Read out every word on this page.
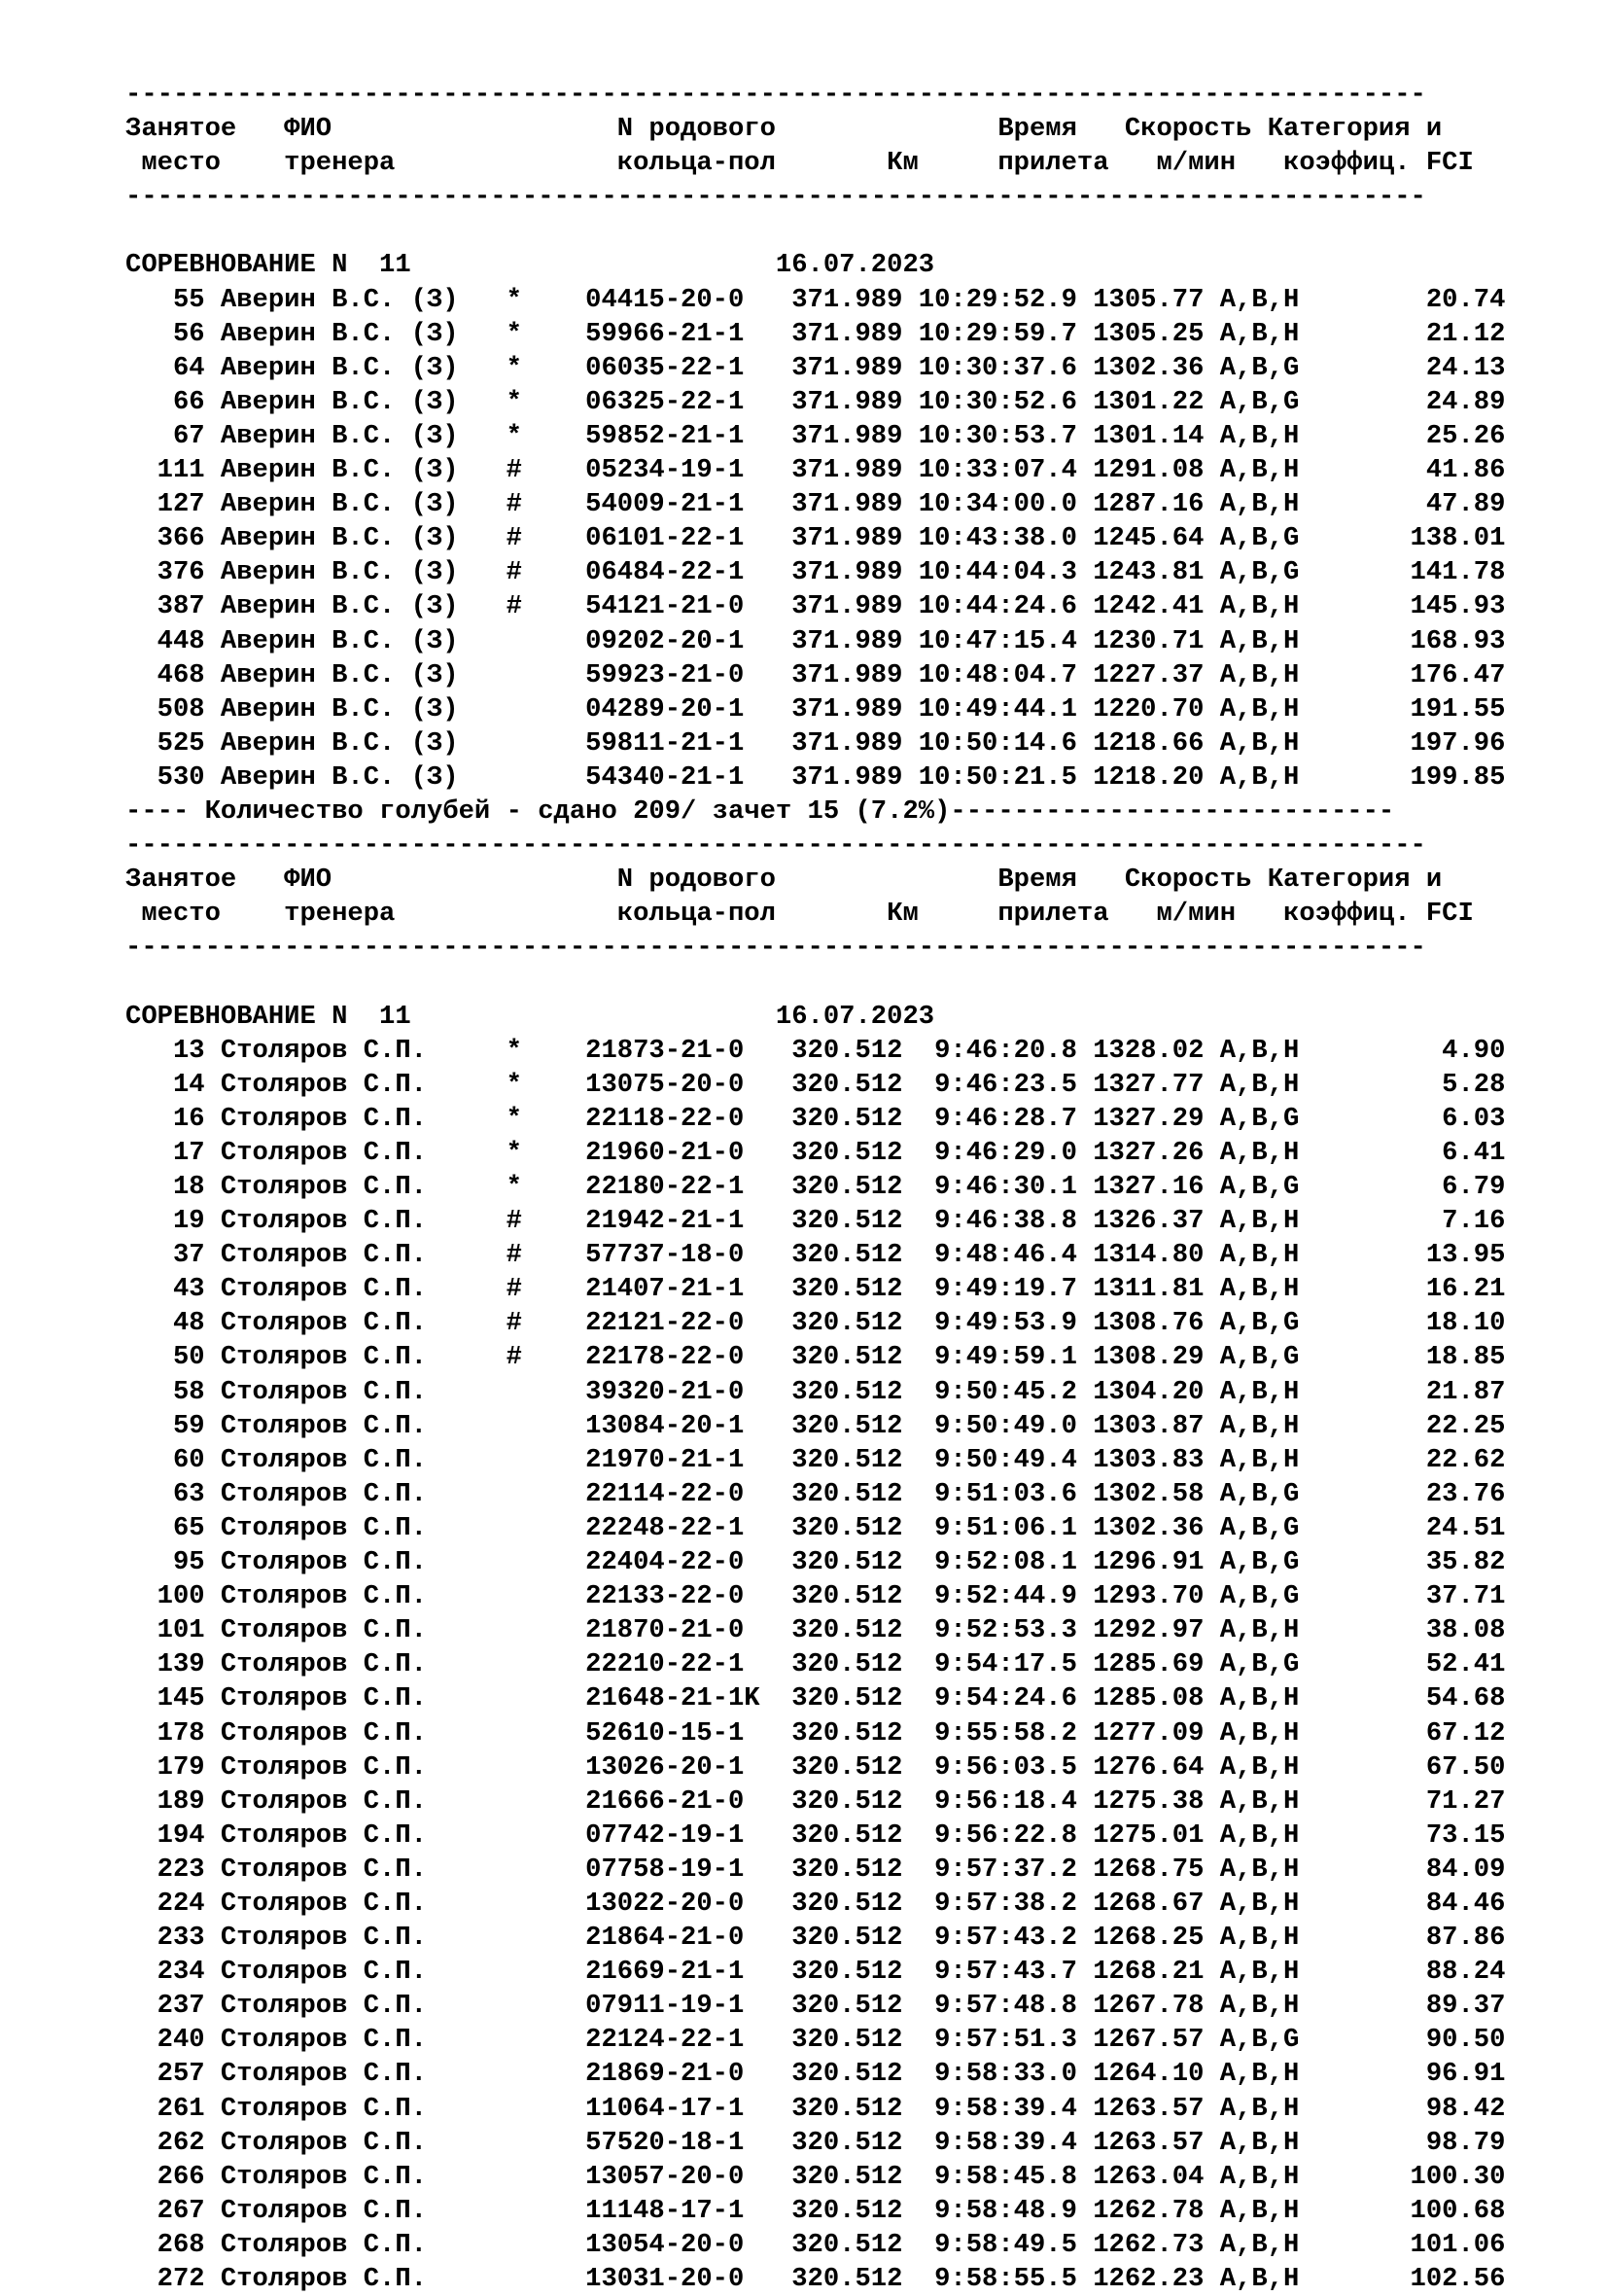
----------------------------------------------------------------------------------
Занятое   ФИО                  N родового              Время   Скорость Категория и
место    тренера              кольца-пол       Км     прилета   м/мин   коэффиц. FCI
----------------------------------------------------------------------------------
СОРЕВНОВАНИЕ N  11                       16.07.2023
55 Аверин В.С. (З)   *    04415-20-0   371.989 10:29:52.9 1305.77 A,B,H        20.74
56 Аверин В.С. (З)   *    59966-21-1   371.989 10:29:59.7 1305.25 A,B,H        21.12
64 Аверин В.С. (З)   *    06035-22-1   371.989 10:30:37.6 1302.36 A,B,G        24.13
66 Аверин В.С. (З)   *    06325-22-1   371.989 10:30:52.6 1301.22 A,B,G        24.89
67 Аверин В.С. (З)   *    59852-21-1   371.989 10:30:53.7 1301.14 A,B,H        25.26
111 Аверин В.С. (З)   #    05234-19-1   371.989 10:33:07.4 1291.08 A,B,H        41.86
127 Аверин В.С. (З)   #    54009-21-1   371.989 10:34:00.0 1287.16 A,B,H        47.89
366 Аверин В.С. (З)   #    06101-22-1   371.989 10:43:38.0 1245.64 A,B,G       138.01
376 Аверин В.С. (З)   #    06484-22-1   371.989 10:44:04.3 1243.81 A,B,G       141.78
387 Аверин В.С. (З)   #    54121-21-0   371.989 10:44:24.6 1242.41 A,B,H       145.93
448 Аверин В.С. (З)        09202-20-1   371.989 10:47:15.4 1230.71 A,B,H       168.93
468 Аверин В.С. (З)        59923-21-0   371.989 10:48:04.7 1227.37 A,B,H       176.47
508 Аверин В.С. (З)        04289-20-1   371.989 10:49:44.1 1220.70 A,B,H       191.55
525 Аверин В.С. (З)        59811-21-1   371.989 10:50:14.6 1218.66 A,B,H       197.96
530 Аверин В.С. (З)        54340-21-1   371.989 10:50:21.5 1218.20 A,B,H       199.85
---- Количество голубей - сдано 209/ зачет 15 (7.2%)----------------------------
----------------------------------------------------------------------------------
Занятое   ФИО                  N родового              Время   Скорость Категория и
место    тренера              кольца-пол       Км     прилета   м/мин   коэффиц. FCI
----------------------------------------------------------------------------------
СОРЕВНОВАНИЕ N  11                       16.07.2023
13 Столяров С.П.     *    21873-21-0   320.512  9:46:20.8 1328.02 A,B,H         4.90
14 Столяров С.П.     *    13075-20-0   320.512  9:46:23.5 1327.77 A,B,H         5.28
16 Столяров С.П.     *    22118-22-0   320.512  9:46:28.7 1327.29 A,B,G         6.03
17 Столяров С.П.     *    21960-21-0   320.512  9:46:29.0 1327.26 A,B,H         6.41
18 Столяров С.П.     *    22180-22-1   320.512  9:46:30.1 1327.16 A,B,G         6.79
19 Столяров С.П.     #    21942-21-1   320.512  9:46:38.8 1326.37 A,B,H         7.16
37 Столяров С.П.     #    57737-18-0   320.512  9:48:46.4 1314.80 A,B,H        13.95
43 Столяров С.П.     #    21407-21-1   320.512  9:49:19.7 1311.81 A,B,H        16.21
48 Столяров С.П.     #    22121-22-0   320.512  9:49:53.9 1308.76 A,B,G        18.10
50 Столяров С.П.     #    22178-22-0   320.512  9:49:59.1 1308.29 A,B,G        18.85
58 Столяров С.П.          39320-21-0   320.512  9:50:45.2 1304.20 A,B,H        21.87
59 Столяров С.П.          13084-20-1   320.512  9:50:49.0 1303.87 A,B,H        22.25
60 Столяров С.П.          21970-21-1   320.512  9:50:49.4 1303.83 A,B,H        22.62
63 Столяров С.П.          22114-22-0   320.512  9:51:03.6 1302.58 A,B,G        23.76
65 Столяров С.П.          22248-22-1   320.512  9:51:06.1 1302.36 A,B,G        24.51
95 Столяров С.П.          22404-22-0   320.512  9:52:08.1 1296.91 A,B,G        35.82
100 Столяров С.П.          22133-22-0   320.512  9:52:44.9 1293.70 A,B,G        37.71
101 Столяров С.П.          21870-21-0   320.512  9:52:53.3 1292.97 A,B,H        38.08
139 Столяров С.П.          22210-22-1   320.512  9:54:17.5 1285.69 A,B,G        52.41
145 Столяров С.П.          21648-21-1K  320.512  9:54:24.6 1285.08 A,B,H        54.68
178 Столяров С.П.          52610-15-1   320.512  9:55:58.2 1277.09 A,B,H        67.12
179 Столяров С.П.          13026-20-1   320.512  9:56:03.5 1276.64 A,B,H        67.50
189 Столяров С.П.          21666-21-0   320.512  9:56:18.4 1275.38 A,B,H        71.27
194 Столяров С.П.          07742-19-1   320.512  9:56:22.8 1275.01 A,B,H        73.15
223 Столяров С.П.          07758-19-1   320.512  9:57:37.2 1268.75 A,B,H        84.09
224 Столяров С.П.          13022-20-0   320.512  9:57:38.2 1268.67 A,B,H        84.46
233 Столяров С.П.          21864-21-0   320.512  9:57:43.2 1268.25 A,B,H        87.86
234 Столяров С.П.          21669-21-1   320.512  9:57:43.7 1268.21 A,B,H        88.24
237 Столяров С.П.          07911-19-1   320.512  9:57:48.8 1267.78 A,B,H        89.37
240 Столяров С.П.          22124-22-1   320.512  9:57:51.3 1267.57 A,B,G        90.50
257 Столяров С.П.          21869-21-0   320.512  9:58:33.0 1264.10 A,B,H        96.91
261 Столяров С.П.          11064-17-1   320.512  9:58:39.4 1263.57 A,B,H        98.42
262 Столяров С.П.          57520-18-1   320.512  9:58:39.4 1263.57 A,B,H        98.79
266 Столяров С.П.          13057-20-0   320.512  9:58:45.8 1263.04 A,B,H       100.30
267 Столяров С.П.          11148-17-1   320.512  9:58:48.9 1262.78 A,B,H       100.68
268 Столяров С.П.          13054-20-0   320.512  9:58:49.5 1262.73 A,B,H       101.06
272 Столяров С.П.          13031-20-0   320.512  9:58:55.5 1262.23 A,B,H       102.56
